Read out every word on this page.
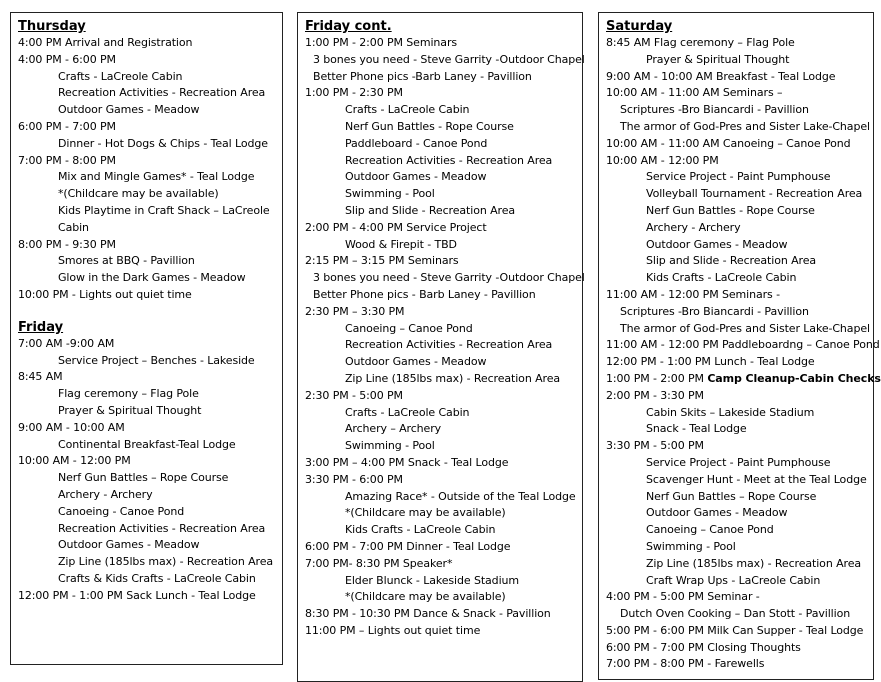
Thursday
4:00 PM Arrival and Registration
4:00 PM - 6:00 PM
Crafts - LaCreole Cabin
Recreation Activities - Recreation Area
Outdoor Games - Meadow
6:00 PM - 7:00 PM
Dinner - Hot Dogs & Chips - Teal Lodge
7:00 PM - 8:00 PM
Mix and Mingle Games* - Teal Lodge
*(Childcare may be available)
Kids Playtime in Craft Shack – LaCreole
Cabin
8:00 PM - 9:30 PM
Smores at BBQ - Pavillion
Glow in the Dark Games - Meadow
10:00 PM - Lights out quiet time
Friday
7:00 AM -9:00 AM
Service Project – Benches - Lakeside
8:45 AM
Flag ceremony – Flag Pole
Prayer & Spiritual Thought
9:00 AM - 10:00 AM
Continental Breakfast-Teal Lodge
10:00 AM - 12:00 PM
Nerf Gun Battles – Rope Course
Archery - Archery
Canoeing - Canoe Pond
Recreation Activities - Recreation Area
Outdoor Games - Meadow
Zip Line (185lbs max) - Recreation Area
Crafts & Kids Crafts - LaCreole Cabin
12:00 PM - 1:00 PM Sack Lunch - Teal Lodge
Friday cont.
1:00 PM - 2:00 PM Seminars
3 bones you need - Steve Garrity -Outdoor Chapel
Better Phone pics -Barb Laney - Pavillion
1:00 PM - 2:30 PM
Crafts - LaCreole Cabin
Nerf Gun Battles - Rope Course
Paddleboard - Canoe Pond
Recreation Activities - Recreation Area
Outdoor Games - Meadow
Swimming - Pool
Slip and Slide - Recreation Area
2:00 PM - 4:00 PM Service Project
Wood & Firepit - TBD
2:15 PM – 3:15 PM Seminars
3 bones you need - Steve Garrity -Outdoor Chapel
Better Phone pics - Barb Laney - Pavillion
2:30 PM – 3:30 PM
Canoeing – Canoe Pond
Recreation Activities - Recreation Area
Outdoor Games - Meadow
Zip Line (185lbs max) - Recreation Area
2:30 PM - 5:00 PM
Crafts - LaCreole Cabin
Archery – Archery
Swimming - Pool
3:00 PM – 4:00 PM Snack - Teal Lodge
3:30 PM - 6:00 PM
Amazing Race* - Outside of the Teal Lodge
*(Childcare may be available)
Kids Crafts - LaCreole Cabin
6:00 PM - 7:00 PM Dinner - Teal Lodge
7:00 PM- 8:30 PM Speaker*
Elder Blunck - Lakeside Stadium
*(Childcare may be available)
8:30 PM - 10:30 PM Dance & Snack - Pavillion
11:00 PM – Lights out quiet time
Saturday
8:45 AM Flag ceremony – Flag Pole
Prayer & Spiritual Thought
9:00 AM - 10:00 AM Breakfast - Teal Lodge
10:00 AM - 11:00 AM Seminars –
Scriptures -Bro Biancardi - Pavillion
The armor of God-Pres and Sister Lake-Chapel
10:00 AM - 11:00 AM Canoeing – Canoe Pond
10:00 AM - 12:00 PM
Service Project - Paint Pumphouse
Volleyball Tournament - Recreation Area
Nerf Gun Battles - Rope Course
Archery - Archery
Outdoor Games - Meadow
Slip and Slide - Recreation Area
Kids Crafts - LaCreole Cabin
11:00 AM - 12:00 PM Seminars -
Scriptures -Bro Biancardi - Pavillion
The armor of God-Pres and Sister Lake-Chapel
11:00 AM - 12:00 PM Paddleboardng – Canoe Pond
12:00 PM - 1:00 PM Lunch - Teal Lodge
1:00 PM - 2:00 PM Camp Cleanup-Cabin Checks
2:00 PM - 3:30 PM
Cabin Skits – Lakeside Stadium
Snack - Teal Lodge
3:30 PM - 5:00 PM
Service Project - Paint Pumphouse
Scavenger Hunt - Meet at the Teal Lodge
Nerf Gun Battles – Rope Course
Outdoor Games - Meadow
Canoeing – Canoe Pond
Swimming - Pool
Zip Line (185lbs max) - Recreation Area
Craft Wrap Ups - LaCreole Cabin
4:00 PM - 5:00 PM Seminar -
Dutch Oven Cooking – Dan Stott - Pavillion
5:00 PM - 6:00 PM Milk Can Supper - Teal Lodge
6:00 PM - 7:00 PM Closing Thoughts
7:00 PM - 8:00 PM - Farewells
